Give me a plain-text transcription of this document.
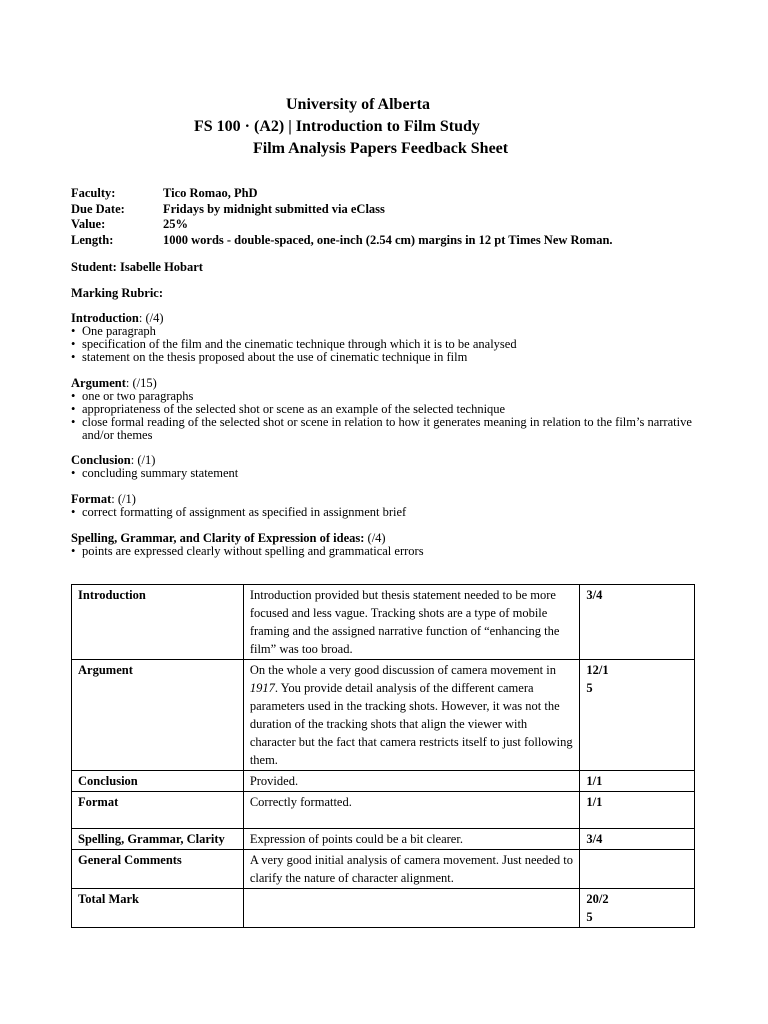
University of Alberta
FS 100 · (A2) | Introduction to Film Study
Film Analysis Papers Feedback Sheet
Faculty:	Tico Romao, PhD
Due Date:	Fridays by midnight submitted via eClass
Value:	25%
Length:	1000 words - double-spaced, one-inch (2.54 cm) margins in 12 pt Times New Roman.
Student: Isabelle Hobart
Marking Rubric:
Introduction: (/4)
• One paragraph
• specification of the film and the cinematic technique through which it is to be analysed
• statement on the thesis proposed about the use of cinematic technique in film
Argument: (/15)
• one or two paragraphs
• appropriateness of the selected shot or scene as an example of the selected technique
• close formal reading of the selected shot or scene in relation to how it generates meaning in relation to the film’s narrative and/or themes
Conclusion: (/1)
• concluding summary statement
Format: (/1)
• correct formatting of assignment as specified in assignment brief
Spelling, Grammar, and Clarity of Expression of ideas: (/4)
• points are expressed clearly without spelling and grammatical errors
Introduction	Introduction provided but thesis statement needed to be more focused and less vague. Tracking shots are a type of mobile framing and the assigned narrative function of “enhancing the film” was too broad.	3/4
Argument	On the whole a very good discussion of camera movement in 1917. You provide detail analysis of the different camera parameters used in the tracking shots. However, it was not the duration of the tracking shots that align the viewer with character but the fact that camera restricts itself to just following them.	12/15
Conclusion	Provided.	1/1
Format	Correctly formatted.	1/1
Spelling, Grammar, Clarity	Expression of points could be a bit clearer.	3/4
General Comments	A very good initial analysis of camera movement. Just needed to clarify the nature of character alignment.	
Total Mark		20/25
